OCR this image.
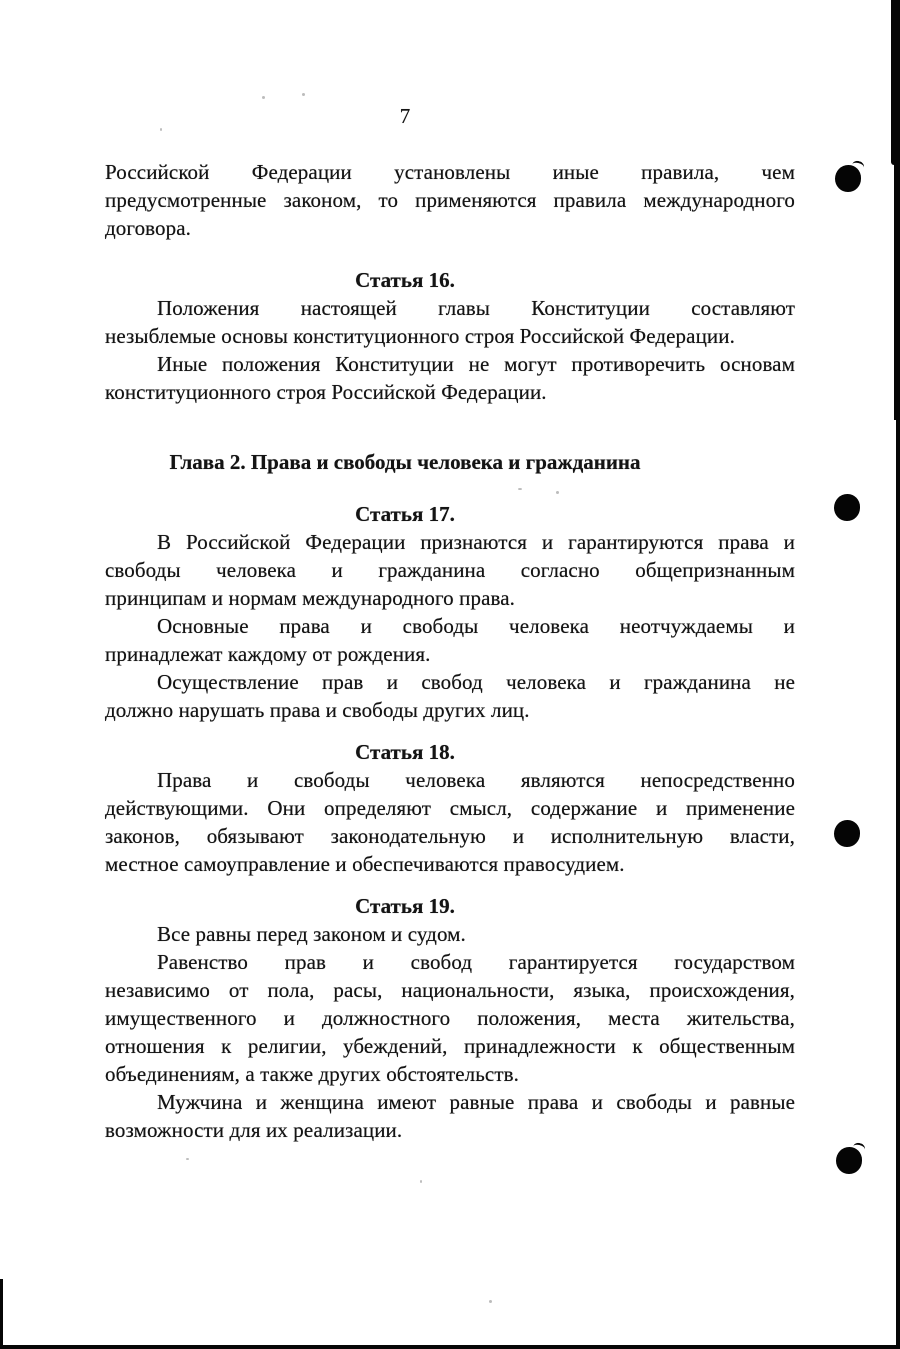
7
Российской Федерации установлены иные правила, чем
предусмотренные законом, то применяются правила международного
договора.
Статья 16.
Положения настоящей главы Конституции составляют
незыблемые основы конституционного строя Российской Федерации.
Иные положения Конституции не могут противоречить основам
конституционного строя Российской Федерации.
Глава 2. Права и свободы человека и гражданина
Статья 17.
В Российской Федерации признаются и гарантируются права и
свободы человека и гражданина согласно общепризнанным
принципам и нормам международного права.
Основные права и свободы человека неотчуждаемы и
принадлежат каждому от рождения.
Осуществление прав и свобод человека и гражданина не
должно нарушать права и свободы других лиц.
Статья 18.
Права и свободы человека являются непосредственно
действующими. Они определяют смысл, содержание и применение
законов, обязывают законодательную и исполнительную власти,
местное самоуправление и обеспечиваются правосудием.
Статья 19.
Все равны перед законом и судом.
Равенство прав и свобод гарантируется государством
независимо от пола, расы, национальности, языка, происхождения,
имущественного и должностного положения, места жительства,
отношения к религии, убеждений, принадлежности к общественным
объединениям, а также других обстоятельств.
Мужчина и женщина имеют равные права и свободы и равные
возможности для их реализации.
